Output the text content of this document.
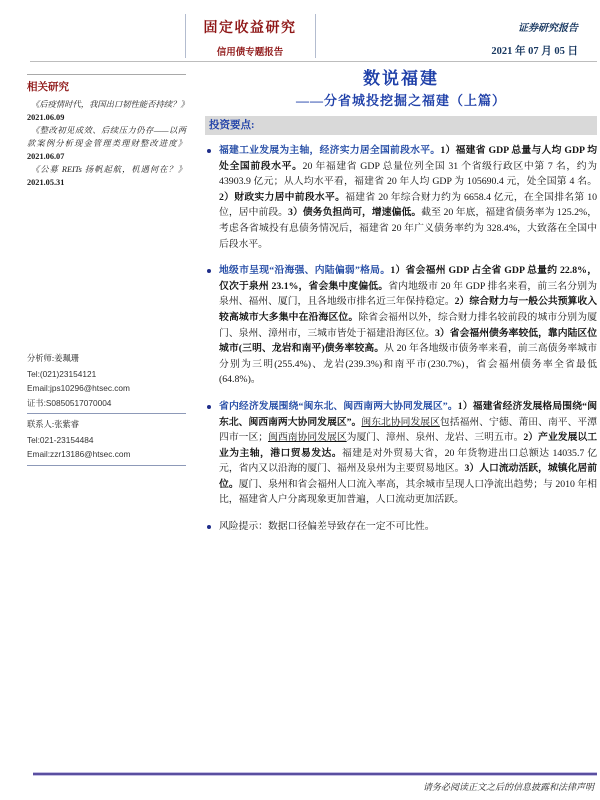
固定收益研究
信用债专题报告
证券研究报告
2021 年 07 月 05 日
相关研究
《后疫情时代，我国出口韧性能否持续？》2021.06.09
《整改初见成效、后续压力仍存——以两款案例分析现金管理类理财整改进度》2021.06.07
《公募 REITs 扬帆起航，机遇何在？》2021.05.31
分析师:姜珮珊
Tel:(021)23154121
Email:jps10296@htsec.com
证书:S0850517070004
联系人:张紫睿
Tel:021-23154484
Email:zzr13186@htsec.com
数说福建
——分省城投挖掘之福建（上篇）
投资要点:
福建工业发展为主轴，经济实力居全国前段水平。1）福建省 GDP 总量与人均 GDP 均处全国前段水平。20 年福建省 GDP 总量位列全国 31 个省级行政区中第 7 名，约为 43903.9 亿元；从人均水平看，福建省 20 年人均 GDP 为 105690.4 元，处全国第 4 名。2）财政实力居中前段水平。福建省 20 年综合财力约为 6658.4 亿元，在全国排名第 10 位，居中前段。3）债务负担尚可，增速偏低。截至 20 年底，福建省债务率为 125.2%，考虑各省城投有息债务情况后，福建省 20 年广义债务率约为 328.4%，大致落在全国中后段水平。
地级市呈现“沿海强、内陆偏弱”格局。1）省会福州 GDP 占全省 GDP 总量约 22.8%，仅次于泉州 23.1%，省会集中度偏低。省内地级市 20 年 GDP 排名来看，前三名分别为泉州、福州、厦门，且各地级市排名近三年保持稳定。2）综合财力与一般公共预算收入较高城市大多集中在沿海区位。除省会福州以外，综合财力排名较前段的城市分别为厦门、泉州、漳州市，三城市皆处于福建沿海区位。3）省会福州债务率较低，靠内陆区位城市(三明、龙岩和南平)债务率较高。从 20 年各地级市债务率来看，前三高债务率城市分别为三明(255.4%)、龙岩(239.3%)和南平市(230.7%)，省会福州债务率全省最低(64.8%)。
省内经济发展围绕“闽东北、闽西南两大协同发展区”。1）福建省经济发展格局围绕“闽东北、闽西南两大协同发展区”。闽东北协同发展区包括福州、宁德、莆田、南平、平潭四市一区；闽西南协同发展区为厦门、漳州、泉州、龙岩、三明五市。2）产业发展以工业为主轴，港口贸易发达。福建是对外贸易大省，20 年货物进出口总额达 14035.7 亿元，省内又以沿海的厦门、福州及泉州为主要贸易地区。3）人口流动活跃，城镇化居前位。厦门、泉州和省会福州人口流入率高，其余城市呈现人口净流出趋势；与 2010 年相比，福建省人户分离现象更加普遍，人口流动更加活跃。
风险提示：数据口径偏差导致存在一定不可比性。
请务必阅读正文之后的信息披露和法律声明
